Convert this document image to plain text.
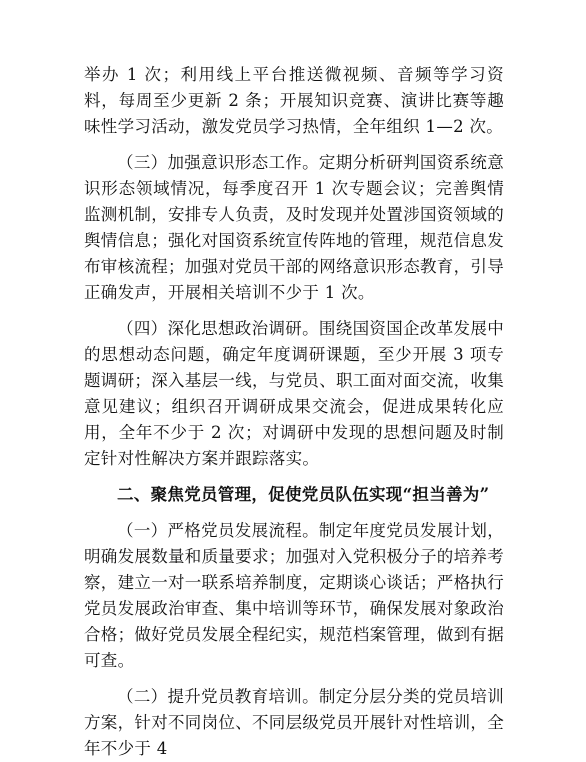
举办 1 次；利用线上平台推送微视频、音频等学习资料，每周至少更新 2 条；开展知识竞赛、演讲比赛等趣味性学习活动，激发党员学习热情，全年组织 1—2 次。

（三）加强意识形态工作。定期分析研判国资系统意识形态领域情况，每季度召开 1 次专题会议；完善舆情监测机制，安排专人负责，及时发现并处置涉国资领域的舆情信息；强化对国资系统宣传阵地的管理，规范信息发布审核流程；加强对党员干部的网络意识形态教育，引导正确发声，开展相关培训不少于 1 次。

（四）深化思想政治调研。围绕国资国企改革发展中的思想动态问题，确定年度调研课题，至少开展 3 项专题调研；深入基层一线，与党员、职工面对面交流，收集意见建议；组织召开调研成果交流会，促进成果转化应用，全年不少于 2 次；对调研中发现的思想问题及时制定针对性解决方案并跟踪落实。

二、聚焦党员管理，促使党员队伍实现“担当善为”

（一）严格党员发展流程。制定年度党员发展计划，明确发展数量和质量要求；加强对入党积极分子的培养考察，建立一对一联系培养制度，定期谈心谈话；严格执行党员发展政治审查、集中培训等环节，确保发展对象政治合格；做好党员发展全程纪实，规范档案管理，做到有据可查。

（二）提升党员教育培训。制定分层分类的党员培训方案，针对不同岗位、不同层级党员开展针对性培训，全年不少于 4
